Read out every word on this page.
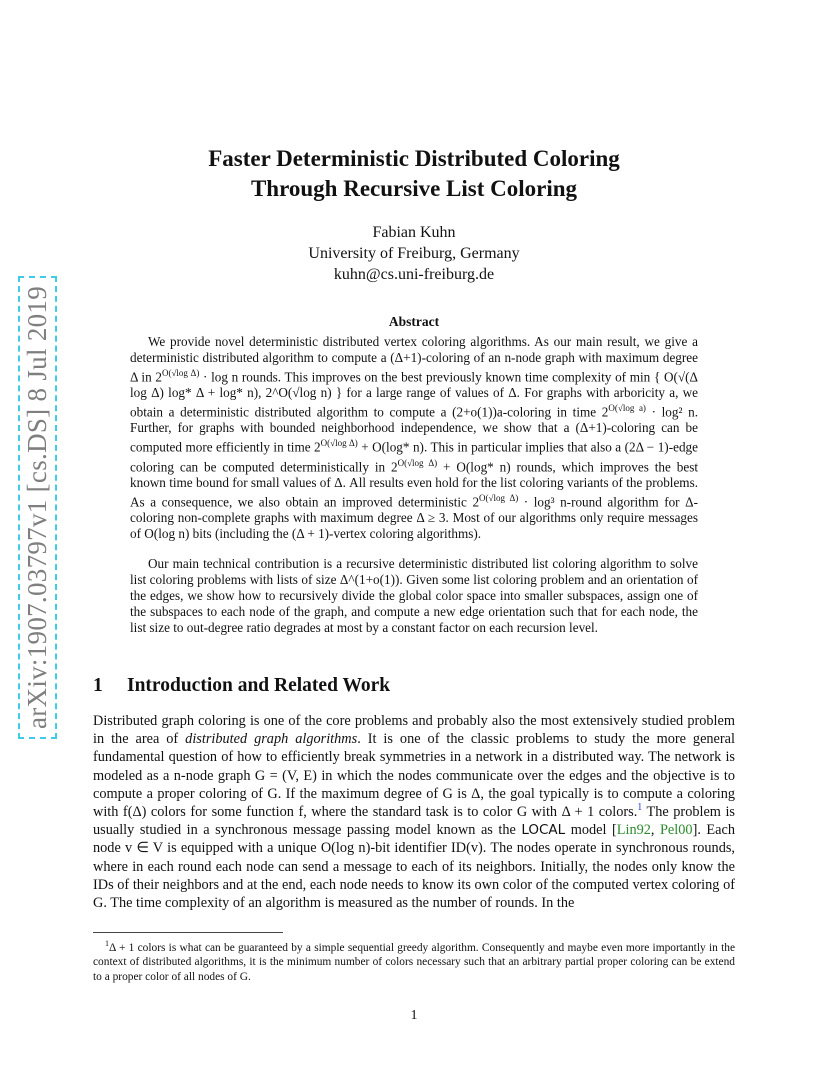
arXiv:1907.03797v1 [cs.DS] 8 Jul 2019
Faster Deterministic Distributed Coloring
Through Recursive List Coloring
Fabian Kuhn
University of Freiburg, Germany
kuhn@cs.uni-freiburg.de
Abstract
We provide novel deterministic distributed vertex coloring algorithms. As our main result, we give a deterministic distributed algorithm to compute a (Δ+1)-coloring of an n-node graph with maximum degree Δ in $2^{O(√log \Delta)} \cdot \log n$ rounds. This improves on the best previously known time complexity of min { O(√(Δ log Δ) log* Δ + log* n), 2^O(√log n) } for a large range of values of Δ. For graphs with arboricity a, we obtain a deterministic distributed algorithm to compute a (2+o(1))a-coloring in time $2^{O(√log a)} \cdot \log^2$ n. Further, for graphs with bounded neighborhood independence, we show that a (Δ+1)-coloring can be computed more efficiently in time $2^{O(√log \Delta)} + O(\log*$ n). This in particular implies that also a (2Δ − 1)-edge coloring can be computed deterministically in $2^{O(√log \Delta)} + O(\log*$ n) rounds, which improves the best known time bound for small values of Δ. All results even hold for the list coloring variants of the problems. As a consequence, we also obtain an improved deterministic $2^{O(√log \Delta)} \cdot \log^3$ n-round algorithm for Δ-coloring non-complete graphs with maximum degree Δ ≥ 3. Most of our algorithms only require messages of O(log n) bits (including the (Δ + 1)-vertex coloring algorithms).
Our main technical contribution is a recursive deterministic distributed list coloring algorithm to solve list coloring problems with lists of size Δ^(1+o(1)). Given some list coloring problem and an orientation of the edges, we show how to recursively divide the global color space into smaller subspaces, assign one of the subspaces to each node of the graph, and compute a new edge orientation such that for each node, the list size to out-degree ratio degrades at most by a constant factor on each recursion level.
1 Introduction and Related Work
Distributed graph coloring is one of the core problems and probably also the most extensively studied problem in the area of distributed graph algorithms. It is one of the classic problems to study the more general fundamental question of how to efficiently break symmetries in a network in a distributed way. The network is modeled as a n-node graph G = (V, E) in which the nodes communicate over the edges and the objective is to compute a proper coloring of G. If the maximum degree of G is Δ, the goal typically is to compute a coloring with f(Δ) colors for some function f, where the standard task is to color G with Δ + 1 colors.$^1$ The problem is usually studied in a synchronous message passing model known as the LOCAL model [Lin92, Pel00]. Each node v ∈ V is equipped with a unique O(log n)-bit identifier ID(v). The nodes operate in synchronous rounds, where in each round each node can send a message to each of its neighbors. Initially, the nodes only know the IDs of their neighbors and at the end, each node needs to know its own color of the computed vertex coloring of G. The time complexity of an algorithm is measured as the number of rounds. In the
$^1$Δ + 1 colors is what can be guaranteed by a simple sequential greedy algorithm. Consequently and maybe even more importantly in the context of distributed algorithms, it is the minimum number of colors necessary such that an arbitrary partial proper coloring can be extend to a proper color of all nodes of G.
1
